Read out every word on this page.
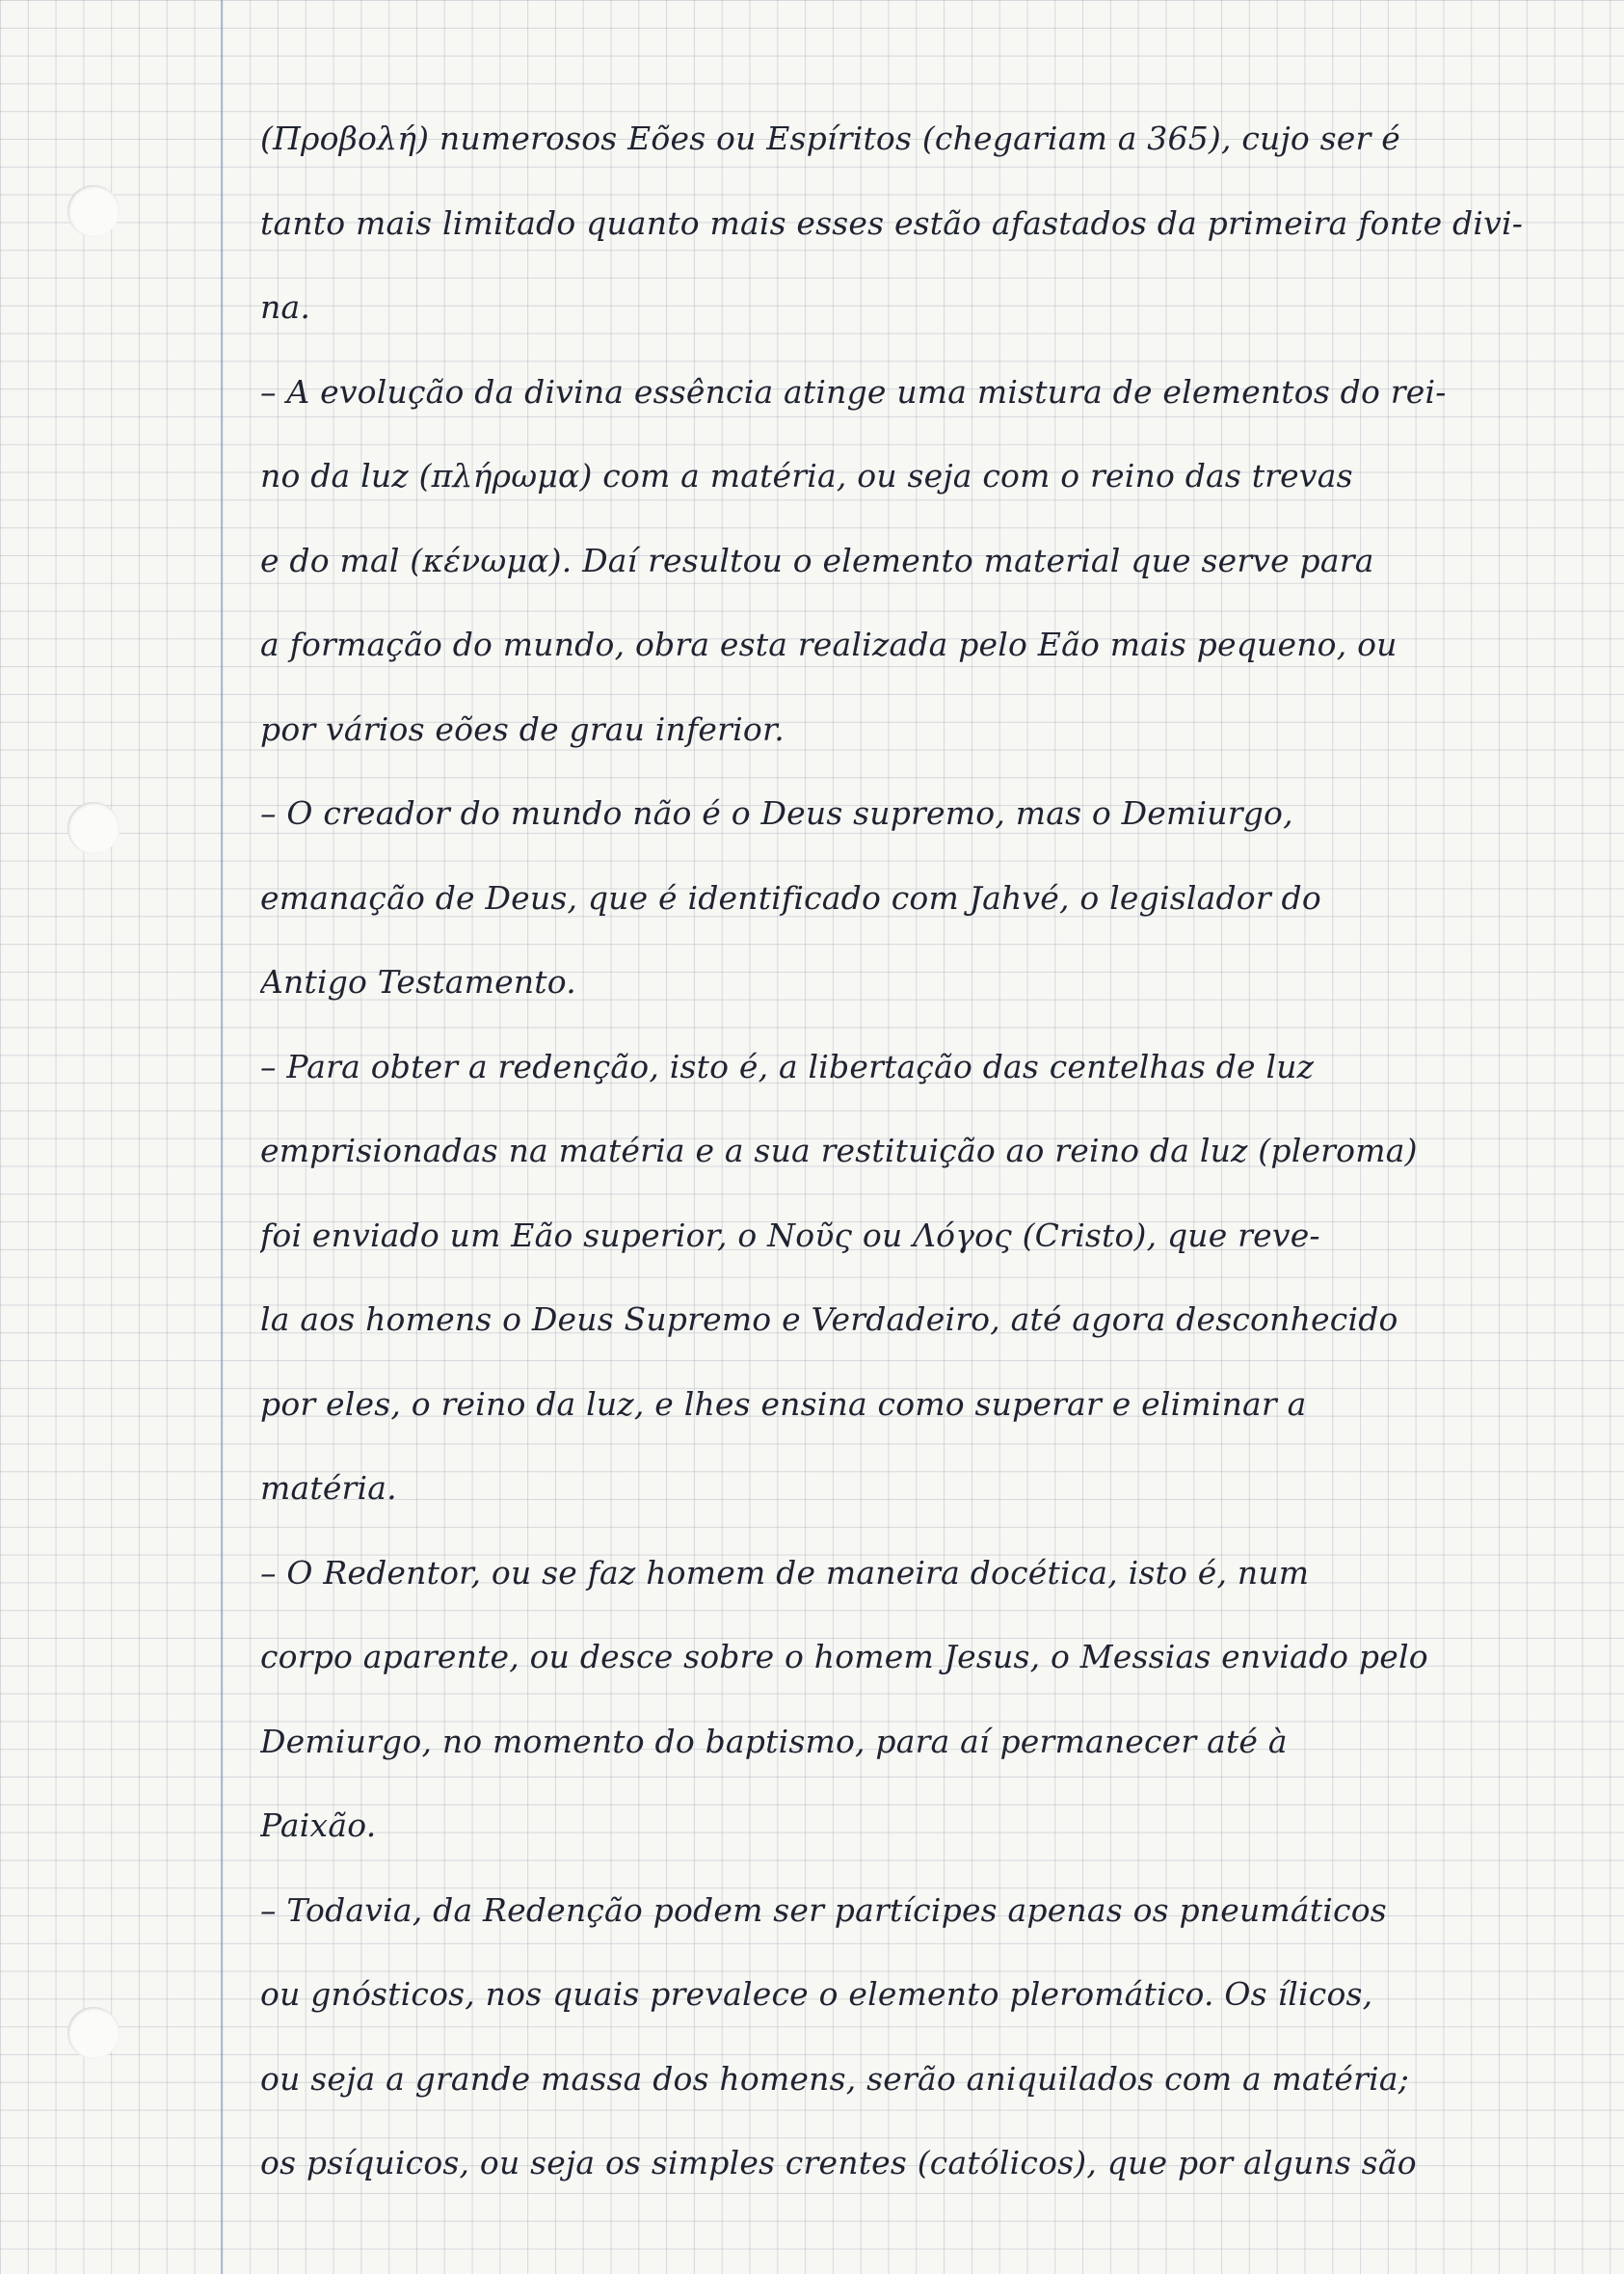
(Προβολή) numerosos Eões ou Espíritos (chegariam a 365), cujo ser é
tanto mais limitado quanto mais esses estão afastados da primeira fonte divi-
na.
– A evolução da divina essência atinge uma mistura de elementos do rei-
no da luz (πλήρωμα) com a matéria, ou seja com o reino das trevas
e do mal (κένωμα). Daí resultou o elemento material que serve para
a formação do mundo, obra esta realizada pelo Eão mais pequeno, ou
por vários eões de grau inferior.
– O creador do mundo não é o Deus supremo, mas o Demiurgo,
emanação de Deus, que é identificado com Jahvé, o legislador do
Antigo Testamento.
– Para obter a redenção, isto é, a libertação das centelhas de luz
emprisionadas na matéria e a sua restituição ao reino da luz (pleroma)
foi enviado um Eão superior, o Νοῦς ou Λόγος (Cristo), que reve-
la aos homens o Deus Supremo e Verdadeiro, até agora desconhecido
por eles, o reino da luz, e lhes ensina como superar e eliminar a
matéria.
– O Redentor, ou se faz homem de maneira docética, isto é, num
corpo aparente, ou desce sobre o homem Jesus, o Messias enviado pelo
Demiurgo, no momento do baptismo, para aí permanecer até à
Paixão.
– Todavia, da Redenção podem ser partícipes apenas os pneumáticos
ou gnósticos, nos quais prevalece o elemento pleromático. Os ílicos,
ou seja a grande massa dos homens, serão aniquilados com a matéria;
os psíquicos, ou seja os simples crentes (católicos), que por alguns são
